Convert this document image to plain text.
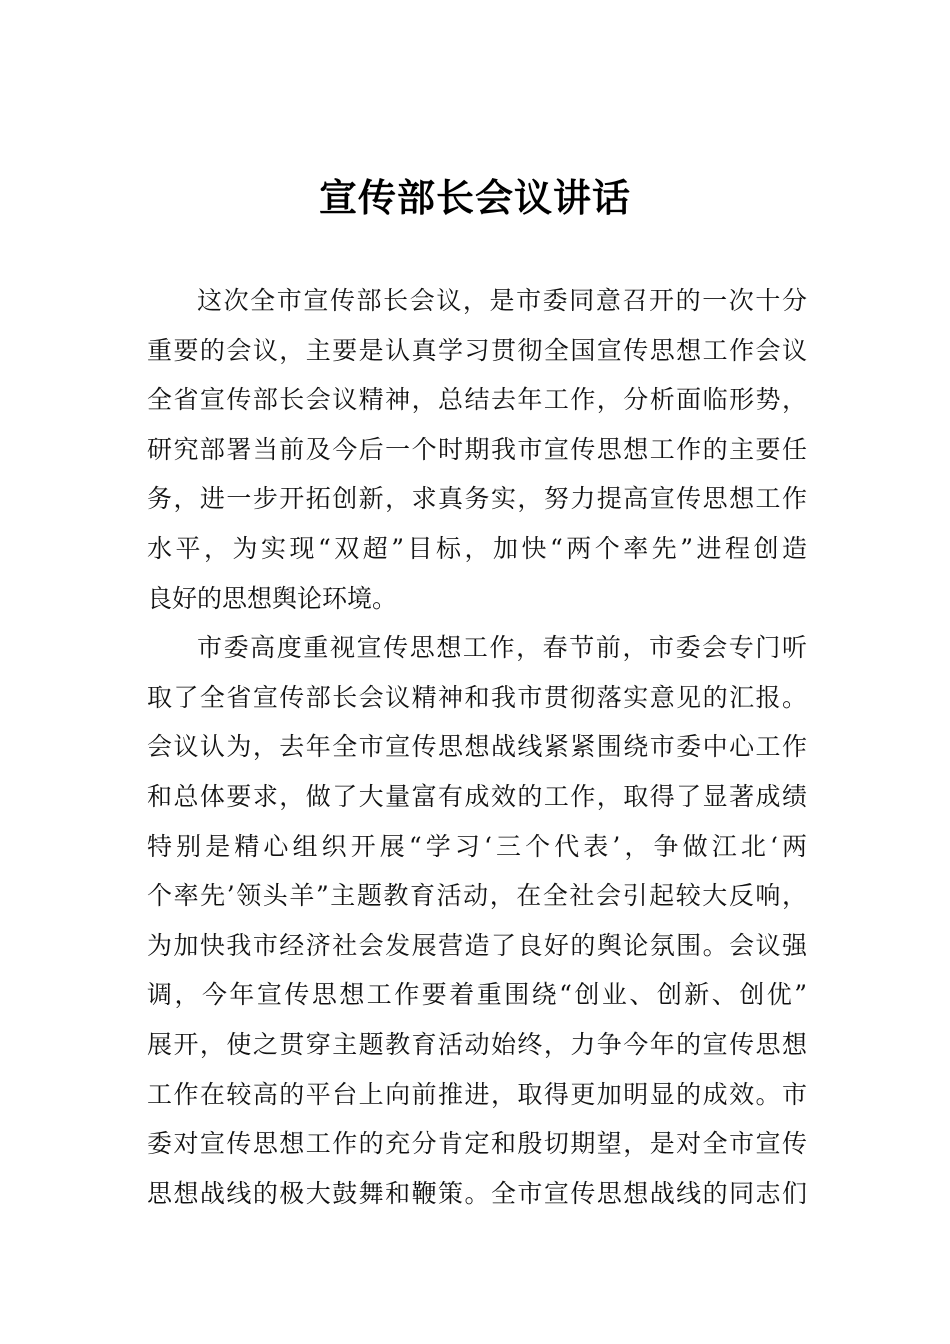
宣传部长会议讲话
这次全市宣传部长会议，是市委同意召开的一次十分
重要的会议，主要是认真学习贯彻全国宣传思想工作会议
全省宣传部长会议精神，总结去年工作，分析面临形势，
研究部署当前及今后一个时期我市宣传思想工作的主要任
务，进一步开拓创新，求真务实，努力提高宣传思想工作
水平，为实现“双超”目标，加快“两个率先”进程创造
良好的思想舆论环境。
市委高度重视宣传思想工作，春节前，市委会专门听
取了全省宣传部长会议精神和我市贯彻落实意见的汇报。
会议认为，去年全市宣传思想战线紧紧围绕市委中心工作
和总体要求，做了大量富有成效的工作，取得了显著成绩
特别是精心组织开展“学习‘三个代表’，争做江北‘两
个率先’领头羊”主题教育活动，在全社会引起较大反响，
为加快我市经济社会发展营造了良好的舆论氛围。会议强
调，今年宣传思想工作要着重围绕“创业、创新、创优”
展开，使之贯穿主题教育活动始终，力争今年的宣传思想
工作在较高的平台上向前推进，取得更加明显的成效。市
委对宣传思想工作的充分肯定和殷切期望，是对全市宣传
思想战线的极大鼓舞和鞭策。全市宣传思想战线的同志们
